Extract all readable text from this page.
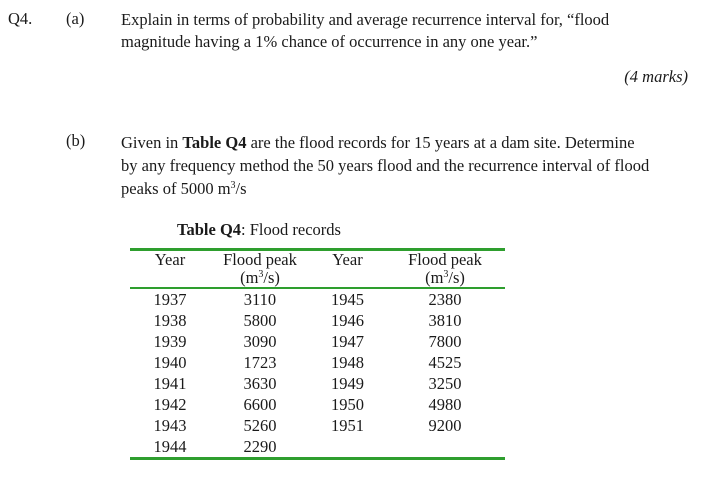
Q4. (a) Explain in terms of probability and average recurrence interval for, “flood
magnitude having a 1% chance of occurrence in any one year.”
(4 marks)
(b) Given in Table Q4 are the flood records for 15 years at a dam site. Determine
by any frequency method the 50 years flood and the recurrence interval of flood
peaks of 5000 $m^3/s$
Table Q4: Flood records
Year	Flood peak	Year	Flood peak
	$(m^3/s)$		$(m^3/s)$
1937	3110	1945	2380
1938	5800	1946	3810
1939	3090	1947	7800
1940	1723	1948	4525
1941	3630	1949	3250
1942	6600	1950	4980
1943	5260	1951	9200
1944	2290		
